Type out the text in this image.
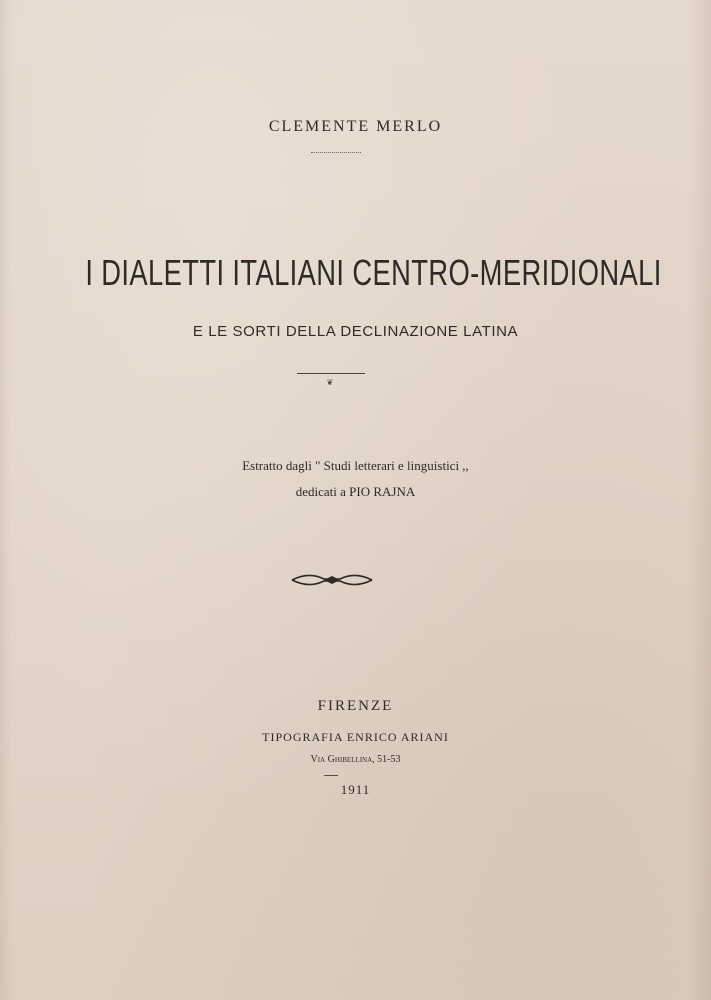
CLEMENTE MERLO
I DIALETTI ITALIANI CENTRO-MERIDIONALI
E LE SORTI DELLA DECLINAZIONE LATINA
❦
Estratto dagli " Studi letterari e linguistici ,,
dedicati a PIO RAJNA
FIRENZE
TIPOGRAFIA ENRICO ARIANI
Via Ghibellina, 51-53
1911
